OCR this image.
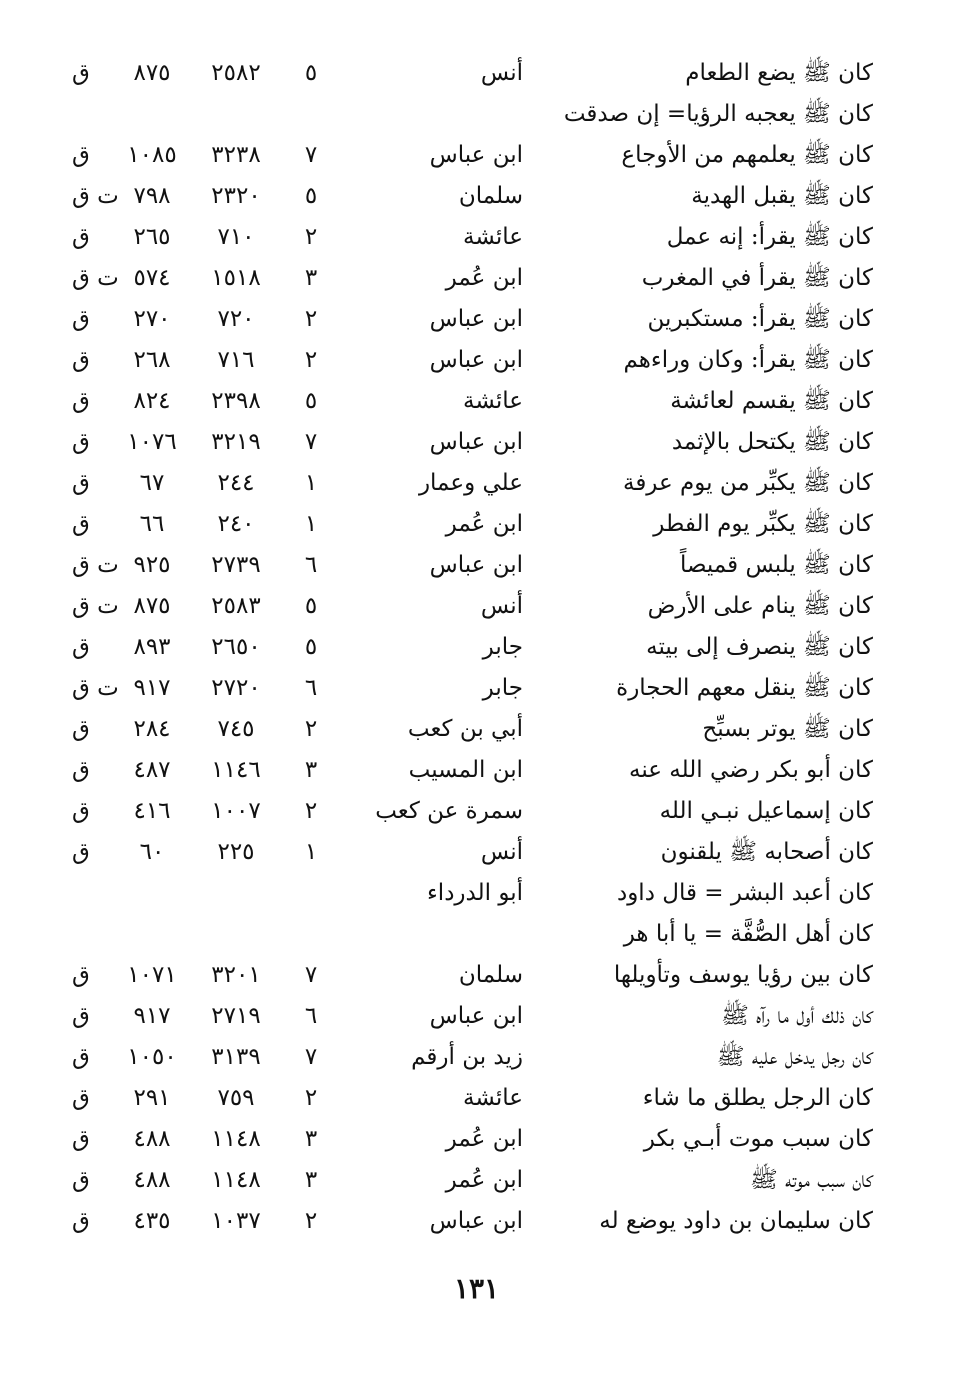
كان ﷺ يضع الطعام
أنس
٥
٢٥٨٢
٨٧٥
ق
كان ﷺ يعجبه الرؤيا= إن صدقت
كان ﷺ يعلمهم من الأوجاع
ابن عباس
٧
٣٢٣٨
١٠٨٥
ق
كان ﷺ يقبل الهدية
سلمان
٥
٢٣٢٠
٧٩٨
ت ق
كان ﷺ يقرأ: إنه عمل
عائشة
٢
٧١٠
٢٦٥
ق
كان ﷺ يقرأ في المغرب
ابن عُمر
٣
١٥١٨
٥٧٤
ت ق
كان ﷺ يقرأ: مستكبرين
ابن عباس
٢
٧٢٠
٢٧٠
ق
كان ﷺ يقرأ: وكان وراءهم
ابن عباس
٢
٧١٦
٢٦٨
ق
كان ﷺ يقسم لعائشة
عائشة
٥
٢٣٩٨
٨٢٤
ق
كان ﷺ يكتحل بالإثمد
ابن عباس
٧
٣٢١٩
١٠٧٦
ق
كان ﷺ يكبِّر من يوم عرفة
علي وعمار
١
٢٤٤
٦٧
ق
كان ﷺ يكبِّر يوم الفطر
ابن عُمر
١
٢٤٠
٦٦
ق
كان ﷺ يلبس قميصاً
ابن عباس
٦
٢٧٣٩
٩٢٥
ت ق
كان ﷺ ينام على الأرض
أنس
٥
٢٥٨٣
٨٧٥
ت ق
كان ﷺ ينصرف إلى بيته
جابر
٥
٢٦٥٠
٨٩٣
ق
كان ﷺ ينقل معهم الحجارة
جابر
٦
٢٧٢٠
٩١٧
ت ق
كان ﷺ يوتر بسبِّح
أبي بن كعب
٢
٧٤٥
٢٨٤
ق
كان أبو بكر رضي الله عنه
ابن المسيب
٣
١١٤٦
٤٨٧
ق
كان إسماعيل نبـي الله
سمرة عن كعب
٢
١٠٠٧
٤١٦
ق
كان أصحابه ﷺ يلقنون
أنس
١
٢٢٥
٦٠
ق
كان أعبد البشر = قال داود
أبو الدرداء
كان أهل الصُّفَّة = يا أبا هر
كان بين رؤيا يوسف وتأويلها
سلمان
٧
٣٢٠١
١٠٧١
ق
كان ذلك أول ما رآه ﷺ
ابن عباس
٦
٢٧١٩
٩١٧
ق
كان رجل يدخل عليه ﷺ
زيد بن أرقم
٧
٣١٣٩
١٠٥٠
ق
كان الرجل يطلق ما شاء
عائشة
٢
٧٥٩
٢٩١
ق
كان سبب موت أبـي بكر
ابن عُمر
٣
١١٤٨
٤٨٨
ق
كان سبب موته ﷺ
ابن عُمر
٣
١١٤٨
٤٨٨
ق
كان سليمان بن داود يوضع له
ابن عباس
٢
١٠٣٧
٤٣٥
ق
١٣١
